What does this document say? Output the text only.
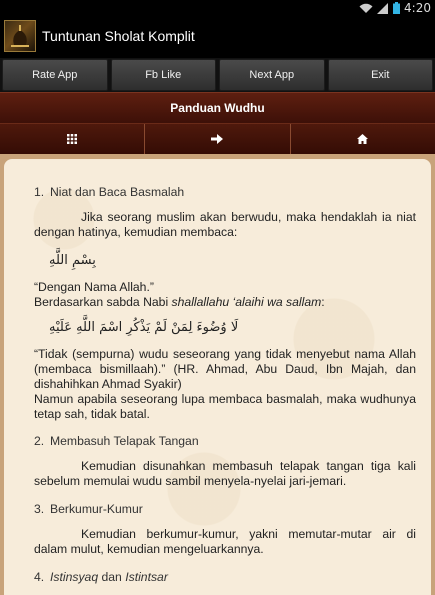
4:20
Tuntunan Sholat Komplit
Rate App	Fb Like	Next App	Exit
Panduan Wudhu
1. Niat dan Baca Basmalah

Jika seorang muslim akan berwudu, maka hendaklah ia niat dengan hatinya, kemudian membaca:

بِسْمِ اللَّهِ

“Dengan Nama Allah.”

Berdasarkan sabda Nabi shallallahu ‘alaihi wa sallam:

لَا وُضُوءَ لِمَنْ لَمْ يَذْكُرِ اسْمَ اللَّهِ عَلَيْهِ

“Tidak (sempurna) wudu seseorang yang tidak menyebut nama Allah (membaca bismillaah).” (HR. Ahmad, Abu Daud, Ibn Majah, dan dishahihkan Ahmad Syakir)

Namun apabila seseorang lupa membaca basmalah, maka wudhunya tetap sah, tidak batal.

2. Membasuh Telapak Tangan

Kemudian disunahkan membasuh telapak tangan tiga kali sebelum memulai wudu sambil menyela-nyelai jari-jemari.

3. Berkumur-Kumur

Kemudian berkumur-kumur, yakni memutar-mutar air di dalam mulut, kemudian mengeluarkannya.

4. Istinsyaq dan Istintsar
